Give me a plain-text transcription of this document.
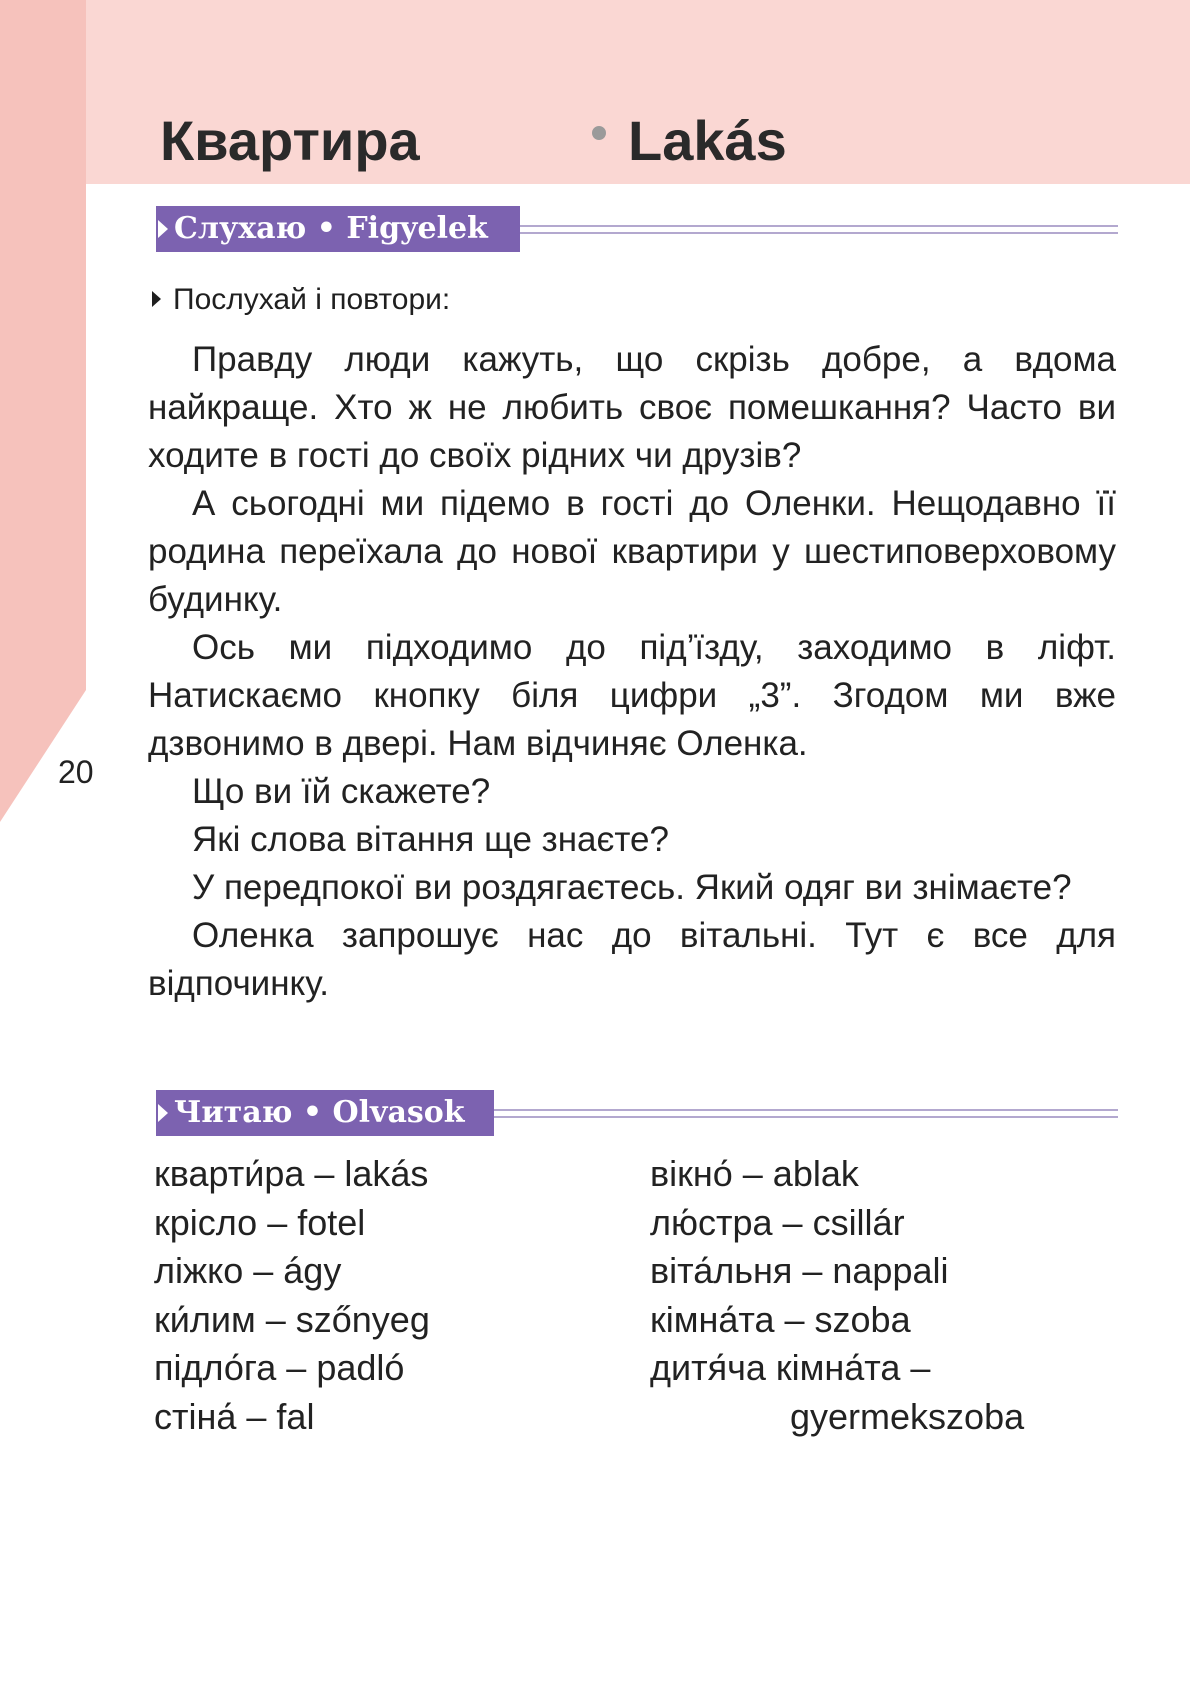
Квартира	Lakás
Слухаю • Figyelek
Послухай і повтори:

Правду люди кажуть, що скрізь добре, а вдома найкраще. Хто ж не любить своє помешкання? Часто ви ходите в гості до своїх рідних чи друзів?

А сьогодні ми підемо в гості до Оленки. Нещодавно її родина переїхала до нової квартири у шестиповерховому будинку.

Ось ми підходимо до під’їзду, заходимо в ліфт. Натискаємо кнопку біля цифри „3”. Згодом ми вже дзвонимо в двері. Нам відчиняє Оленка.

Що ви їй скажете?

Які слова вітання ще знаєте?

У передпокої ви роздягаєтесь. Який одяг ви знімаєте?

Оленка запрошує нас до вітальні. Тут є все для відпочинку.

20
Читаю • Olvasok
кварти́ра – lakás
крісло – fotel
ліжко – ágy
ки́лим – szőnyeg
підло́га – padló
стіна́ – fal
вікно́ – ablak
лю́стра – csillár
віта́льня – nappali
кімна́та – szoba
дитя́ча кімна́та –
gyermekszoba
